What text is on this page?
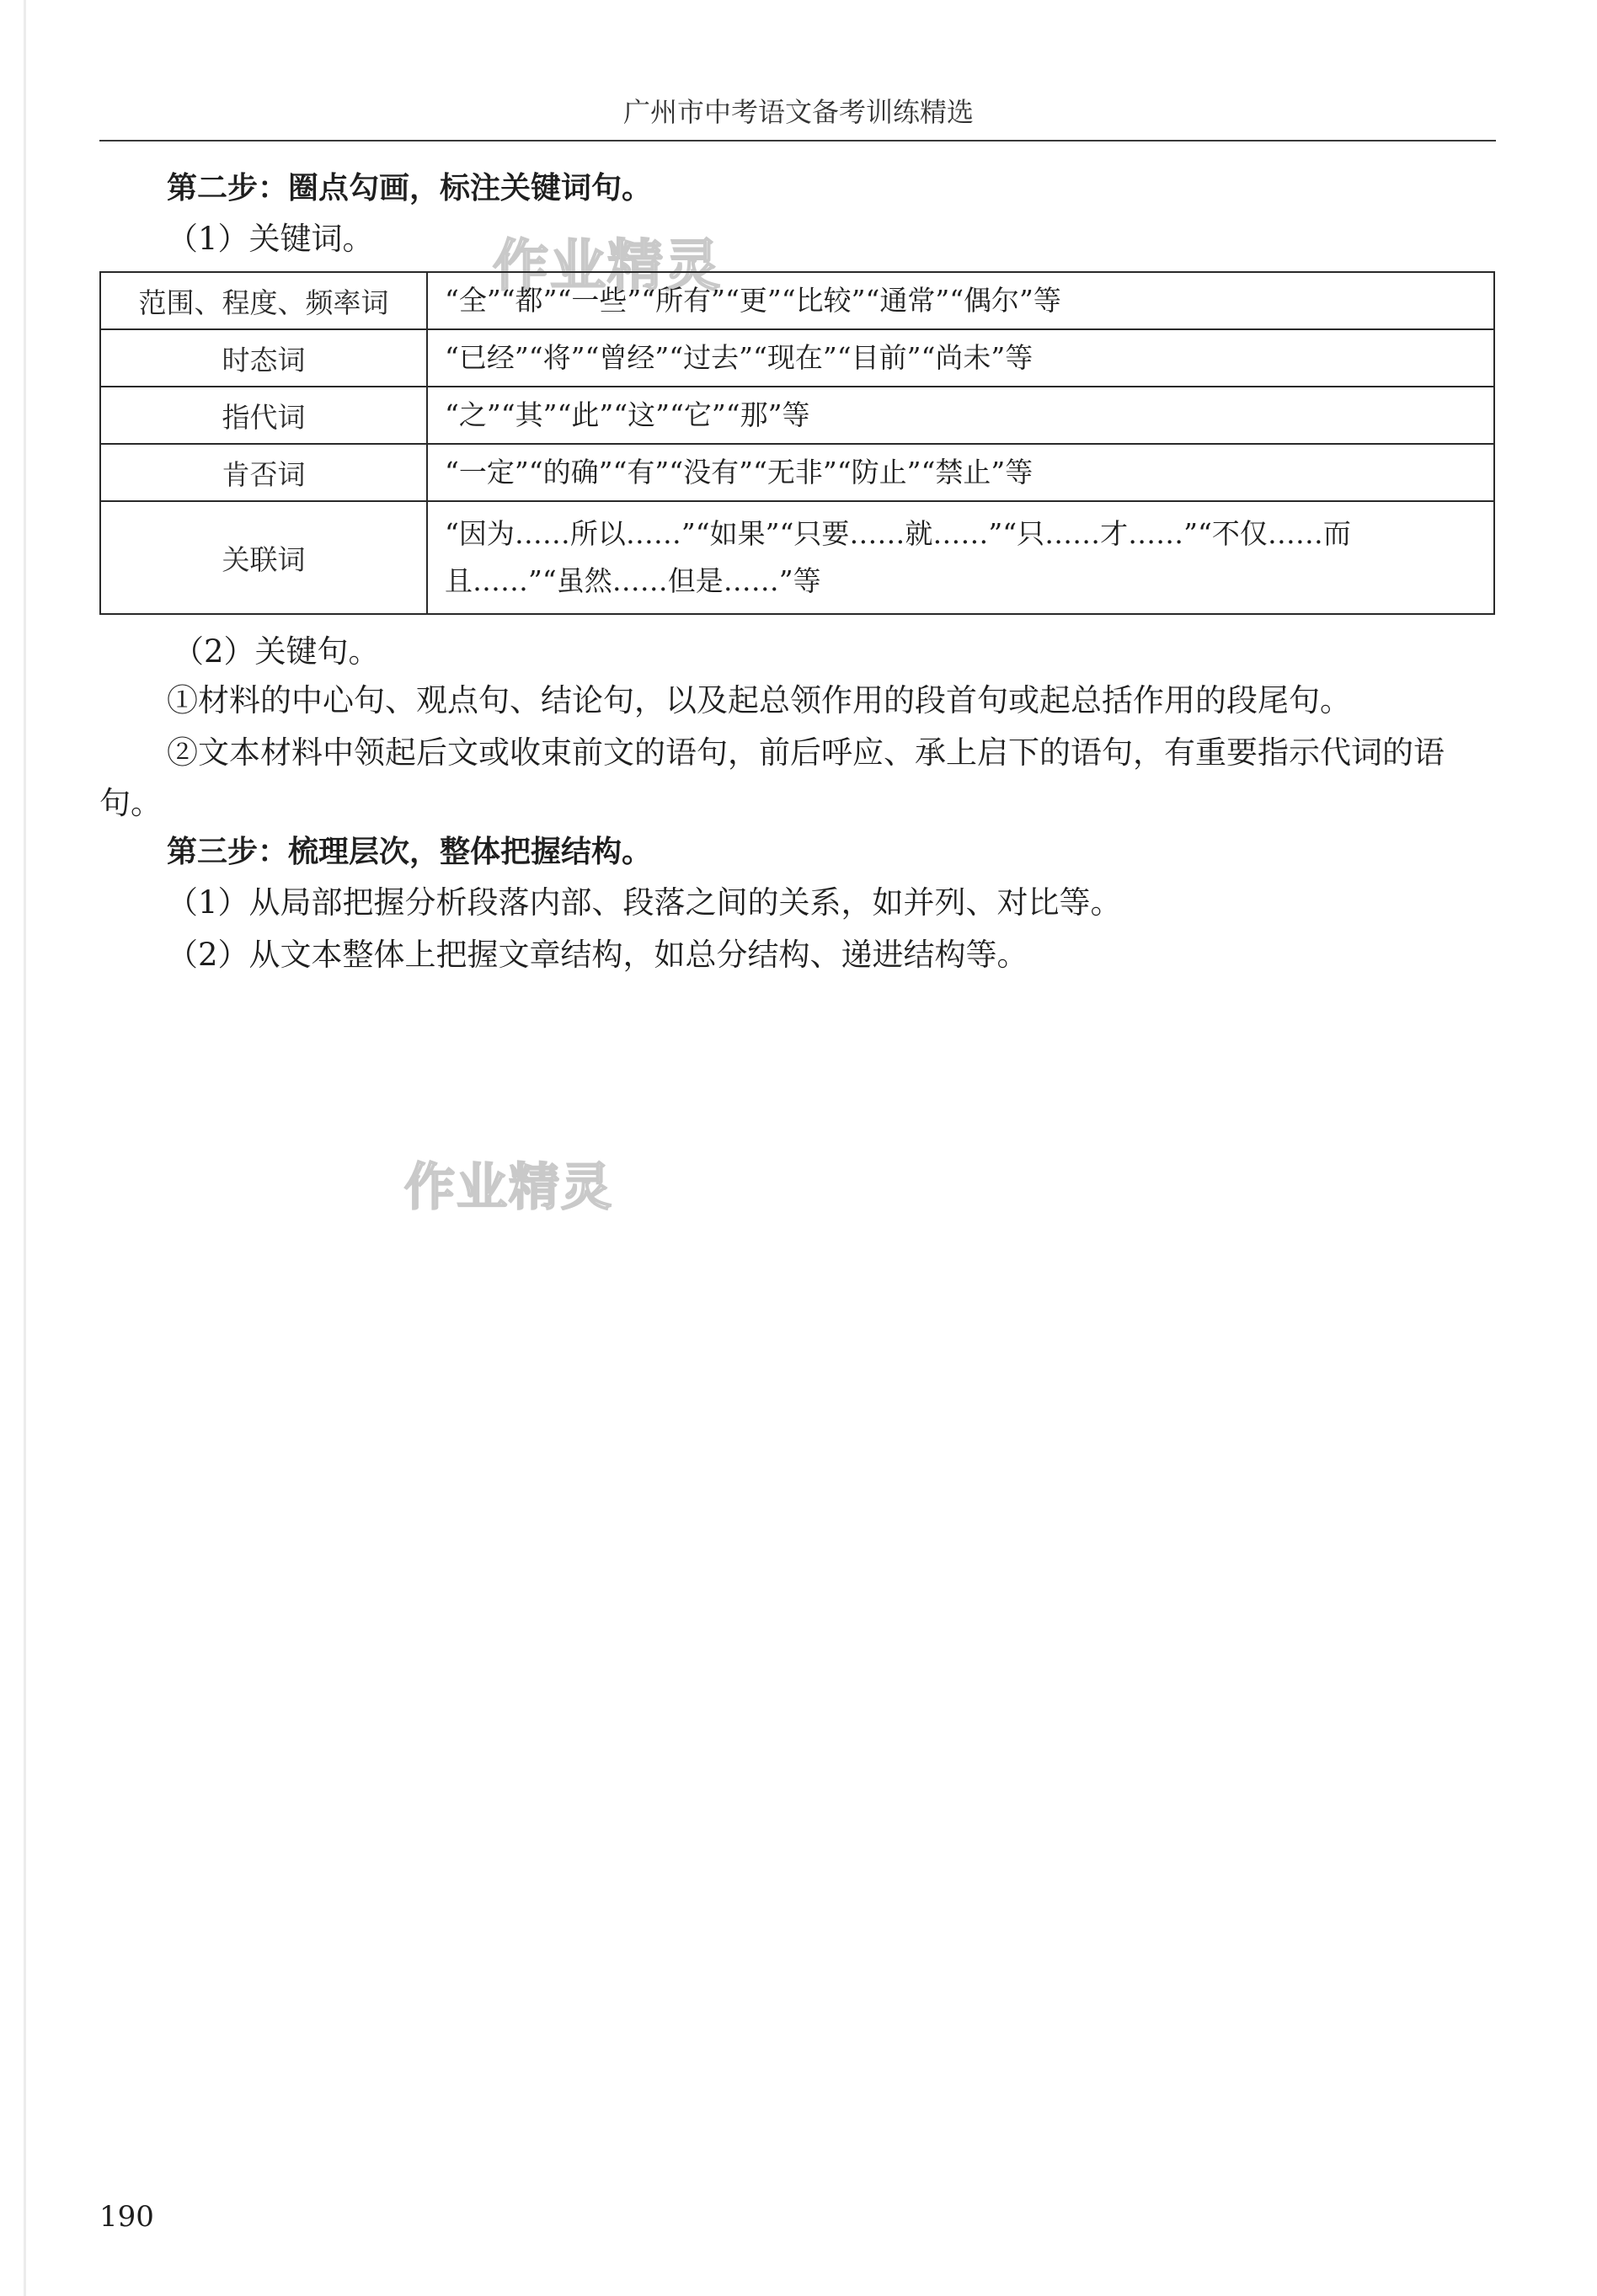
广州市中考语文备考训练精选
第二步：圈点勾画，标注关键词句。
（1）关键词。 作业精灵
范围、程度、频率词	“全”“都”“一些”“所有”“更”“比较”“通常”“偶尔”等
时态词	“已经”“将”“曾经”“过去”“现在”“目前”“尚未”等
指代词	“之”“其”“此”“这”“它”“那”等
肯否词	“一定”“的确”“有”“没有”“无非”“防止”“禁止”等
关联词	“因为……所以……”“如果”“只要……就……”“只……才……”“不仅……而且……”“虽然……但是……”等
（2）关键句。
①材料的中心句、观点句、结论句，以及起总领作用的段首句或起总括作用的段尾句。
②文本材料中领起后文或收束前文的语句，前后呼应、承上启下的语句，有重要指示代词的语句。
第三步：梳理层次，整体把握结构。
（1）从局部把握分析段落内部、段落之间的关系，如并列、对比等。
（2）从文本整体上把握文章结构，如总分结构、递进结构等。
作业精灵
190
